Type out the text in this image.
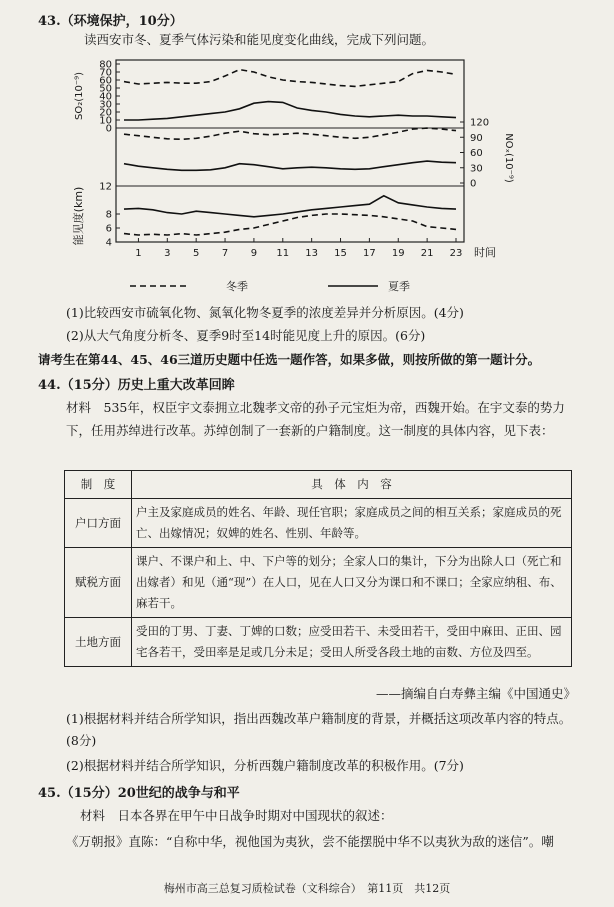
43.（环境保护，10分）
读西安市冬、夏季气体污染和能见度变化曲线，完成下列问题。
80
70
60
50
40
30
20
10
0
120
90
60
30
0
12
8
6
4
1 3 5 7 9 11 13 15 17 19 21 23 时间
SO₂(10⁻⁹)
能见度(km)
NOₓ(10⁻⁹)
冬季	夏季
(1)比较西安市硫氧化物、氮氧化物冬夏季的浓度差异并分析原因。(4分)
(2)从大气角度分析冬、夏季9时至14时能见度上升的原因。(6分)
请考生在第44、45、46三道历史题中任选一题作答，如果多做，则按所做的第一题计分。
44.（15分）历史上重大改革回眸
材料　535年，权臣宇文泰拥立北魏孝文帝的孙子元宝炬为帝，西魏开始。在宇文泰的势力下，任用苏绰进行改革。苏绰创制了一套新的户籍制度。这一制度的具体内容，见下表：
制　度	具　体　内　容
户口方面	户主及家庭成员的姓名、年龄、现任官职；家庭成员之间的相互关系；家庭成员的死亡、出嫁情况；奴婢的姓名、性别、年龄等。
赋税方面	课户、不课户和上、中、下户等的划分；全家人口的集计，下分为出除人口（死亡和出嫁者）和见（通“现”）在人口，见在人口又分为课口和不课口；全家应纳租、布、麻若干。
土地方面	受田的丁男、丁妻、丁婢的口数；应受田若干、未受田若干，受田中麻田、正田、园宅各若干，受田率是足或几分未足；受田人所受各段土地的亩数、方位及四至。
——摘编自白寿彝主编《中国通史》
(1)根据材料并结合所学知识，指出西魏改革户籍制度的背景，并概括这项改革内容的特点。(8分)
(2)根据材料并结合所学知识，分析西魏户籍制度改革的积极作用。(7分)
45.（15分）20世纪的战争与和平
材料　日本各界在甲午中日战争时期对中国现状的叙述：
《万朝报》直陈：“自称中华，视他国为夷狄，尝不能摆脱中华不以夷狄为敌的迷信”。嘲
梅州市高三总复习质检试卷（文科综合）　第11页　共12页
